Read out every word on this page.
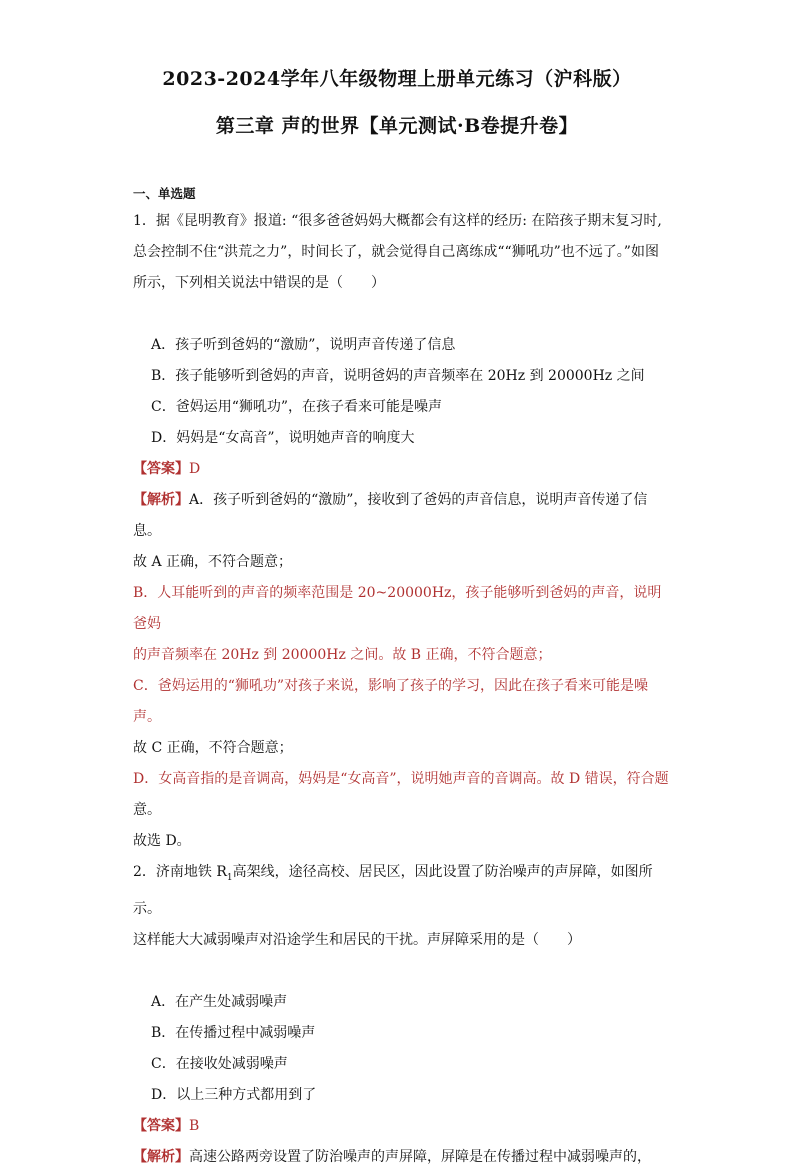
2023-2024学年八年级物理上册单元练习（沪科版）
第三章 声的世界【单元测试·B卷提升卷】
一、单选题

1．据《昆明教育》报道: “很多爸爸妈妈大概都会有这样的经历: 在陪孩子期末复习时,

总会控制不住“洪荒之力”，时间长了，就会觉得自己离练成““狮吼功”也不远了。”如图

所示，下列相关说法中错误的是（　　）

A．孩子听到爸妈的“激励”，说明声音传递了信息

B．孩子能够听到爸妈的声音，说明爸妈的声音频率在 20Hz 到 20000Hz 之间

C．爸妈运用“狮吼功”，在孩子看来可能是噪声

D．妈妈是“女高音”，说明她声音的响度大

【答案】D

【解析】A．孩子听到爸妈的“激励”，接收到了爸妈的声音信息，说明声音传递了信息。

故 A 正确，不符合题意；

B．人耳能听到的声音的频率范围是 20~20000Hz，孩子能够听到爸妈的声音，说明爸妈

的声音频率在 20Hz 到 20000Hz 之间。故 B 正确，不符合题意；

C．爸妈运用的“狮吼功”对孩子来说，影响了孩子的学习，因此在孩子看来可能是噪声。

故 C 正确，不符合题意；

D．女高音指的是音调高，妈妈是“女高音”，说明她声音的音调高。故 D 错误，符合题

意。

故选 D。

2．济南地铁 $R_1$高架线，途径高校、居民区，因此设置了防治噪声的声屏障，如图所示。

这样能大大减弱噪声对沿途学生和居民的干扰。声屏障采用的是（　　）

A．在产生处减弱噪声

B．在传播过程中减弱噪声

C．在接收处减弱噪声

D．以上三种方式都用到了

【答案】B

【解析】高速公路两旁设置了防治噪声的声屏障，屏障是在传播过程中减弱噪声的，
